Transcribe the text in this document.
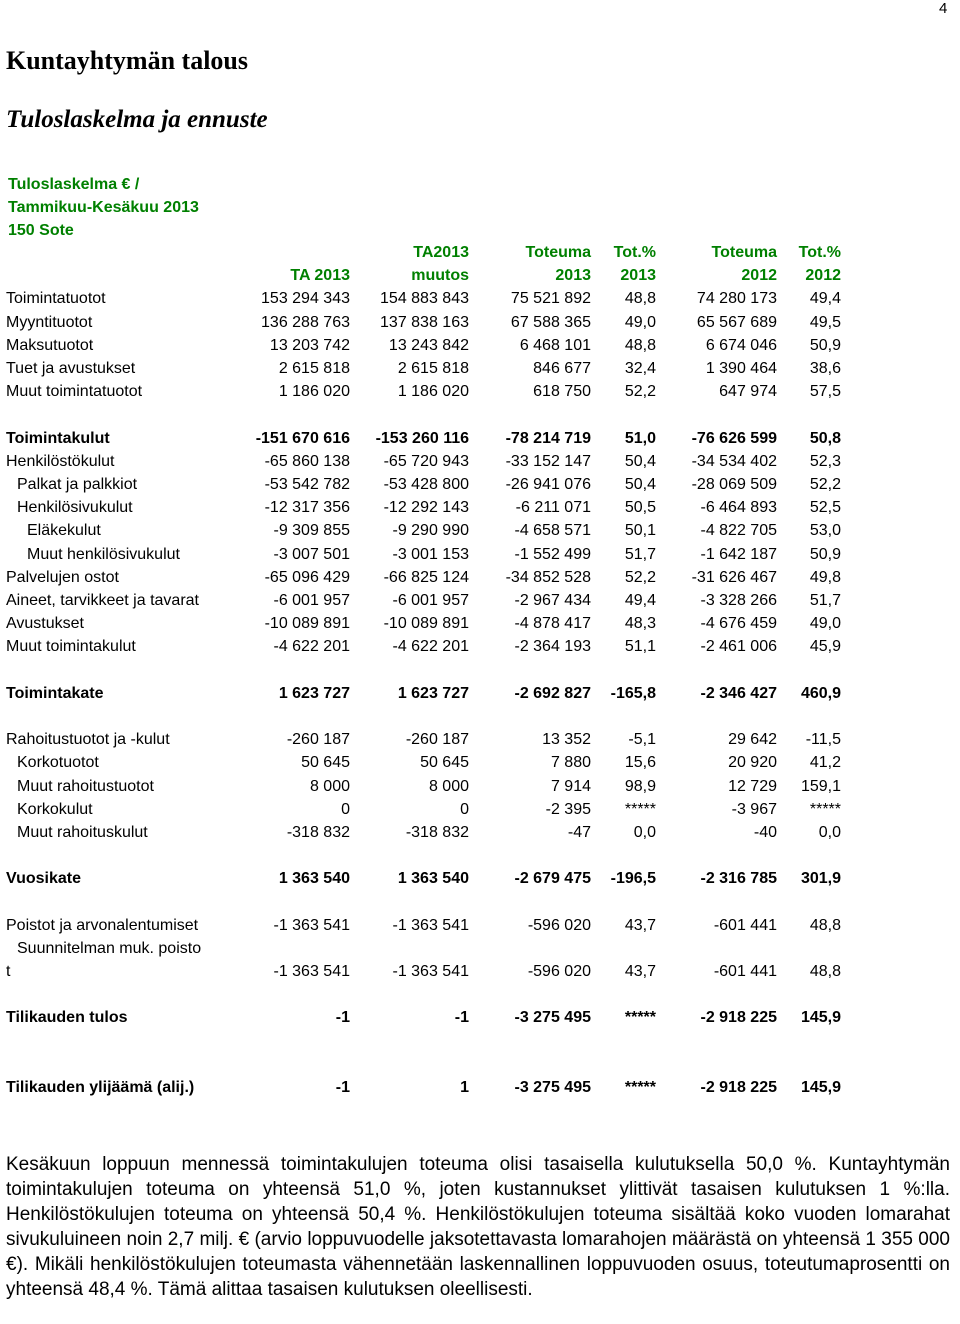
4
Kuntayhtymän talous
Tuloslaskelma ja ennuste
Tuloslaskelma € /
Tammikuu-Kesäkuu 2013
150 Sote
		TA2013	Toteuma	Tot.%	Toteuma	Tot.%
	TA 2013	muutos	2013	2013	2012	2012
Toimintatuotot	153 294 343	154 883 843	75 521 892	48,8	74 280 173	49,4
Myyntituotot	136 288 763	137 838 163	67 588 365	49,0	65 567 689	49,5
Maksutuotot	13 203 742	13 243 842	6 468 101	48,8	6 674 046	50,9
Tuet ja avustukset	2 615 818	2 615 818	846 677	32,4	1 390 464	38,6
Muut toimintatuotot	1 186 020	1 186 020	618 750	52,2	647 974	57,5

Toimintakulut	-151 670 616	-153 260 116	-78 214 719	51,0	-76 626 599	50,8
Henkilöstökulut	-65 860 138	-65 720 943	-33 152 147	50,4	-34 534 402	52,3
Palkat ja palkkiot	-53 542 782	-53 428 800	-26 941 076	50,4	-28 069 509	52,2
Henkilösivukulut	-12 317 356	-12 292 143	-6 211 071	50,5	-6 464 893	52,5
Eläkekulut	-9 309 855	-9 290 990	-4 658 571	50,1	-4 822 705	53,0
Muut henkilösivukulut	-3 007 501	-3 001 153	-1 552 499	51,7	-1 642 187	50,9
Palvelujen ostot	-65 096 429	-66 825 124	-34 852 528	52,2	-31 626 467	49,8
Aineet, tarvikkeet ja tavarat	-6 001 957	-6 001 957	-2 967 434	49,4	-3 328 266	51,7
Avustukset	-10 089 891	-10 089 891	-4 878 417	48,3	-4 676 459	49,0
Muut toimintakulut	-4 622 201	-4 622 201	-2 364 193	51,1	-2 461 006	45,9

Toimintakate	1 623 727	1 623 727	-2 692 827	-165,8	-2 346 427	460,9

Rahoitustuotot ja -kulut	-260 187	-260 187	13 352	-5,1	29 642	-11,5
Korkotuotot	50 645	50 645	7 880	15,6	20 920	41,2
Muut rahoitustuotot	8 000	8 000	7 914	98,9	12 729	159,1
Korkokulut	0	0	-2 395	*****	-3 967	*****
Muut rahoituskulut	-318 832	-318 832	-47	0,0	-40	0,0

Vuosikate	1 363 540	1 363 540	-2 679 475	-196,5	-2 316 785	301,9

Poistot ja arvonalentumiset	-1 363 541	-1 363 541	-596 020	43,7	-601 441	48,8

Suunnitelman muk. poisto
t	-1 363 541	-1 363 541	-596 020	43,7	-601 441	48,8

Tilikauden tulos	-1	-1	-3 275 495	*****	-2 918 225	145,9

Tilikauden ylijäämä (alij.)	-1	1	-3 275 495	*****	-2 918 225	145,9
Kesäkuun loppuun mennessä toimintakulujen toteuma olisi tasaisella kulutuksella 50,0 %. Kuntayhtymän toimintakulujen toteuma on yhteensä 51,0 %, joten kustannukset ylittivät tasaisen kulutuksen 1 %:lla. Henkilöstökulujen toteuma on yhteensä 50,4 %. Henkilöstökulujen toteuma sisältää koko vuoden lomarahat sivukuluineen noin 2,7 milj. € (arvio loppuvuodelle jaksotettavasta lomarahojen määrästä on yhteensä 1 355 000 €). Mikäli henkilöstökulujen toteumasta vähennetään laskennallinen loppuvuoden osuus, toteutumaprosentti on yhteensä 48,4 %. Tämä alittaa tasaisen kulutuksen oleellisesti.
